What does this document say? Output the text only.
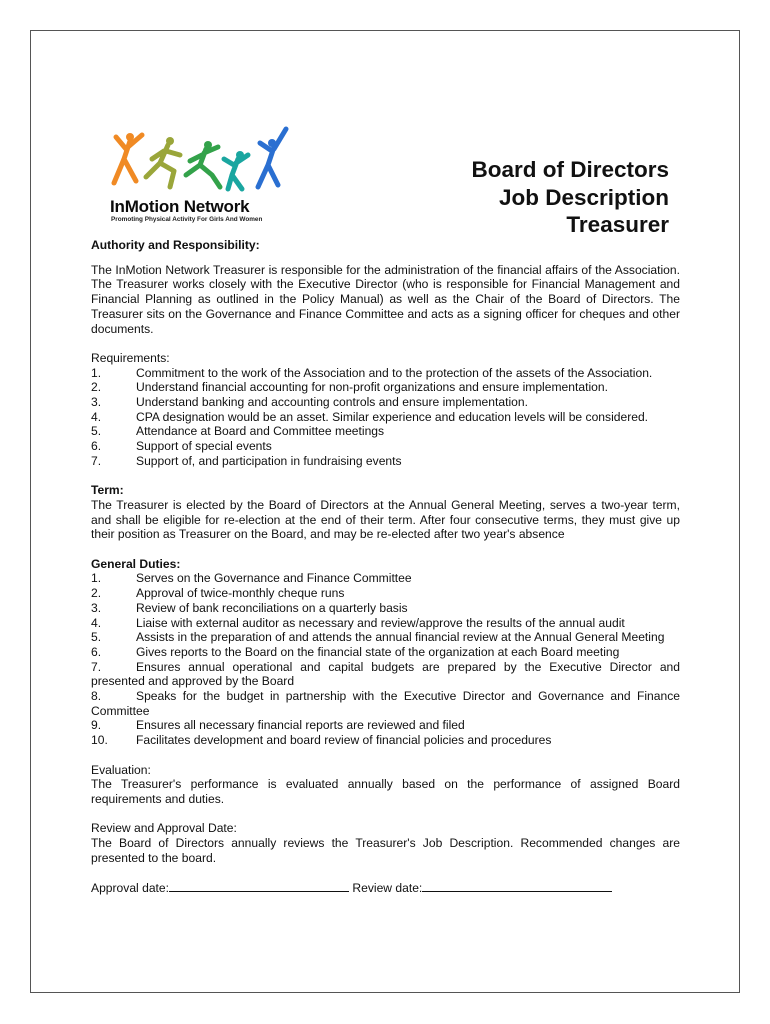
InMotion Network
Promoting Physical Activity For Girls And Women
Board of Directors
Job Description
Treasurer

Authority and Responsibility:

The InMotion Network Treasurer is responsible for the administration of the financial affairs of the Association. The Treasurer works closely with the Executive Director (who is responsible for Financial Management and Financial Planning as outlined in the Policy Manual) as well as the Chair of the Board of Directors. The Treasurer sits on the Governance and Finance Committee and acts as a signing officer for cheques and other documents.

Requirements:

1.	Commitment to the work of the Association and to the protection of the assets of the Association.
2.	Understand financial accounting for non-profit organizations and ensure implementation.
3.	Understand banking and accounting controls and ensure implementation.
4.	CPA designation would be an asset. Similar experience and education levels will be considered.
5.	Attendance at Board and Committee meetings
6.	Support of special events
7.	Support of, and participation in fundraising events

Term:

The Treasurer is elected by the Board of Directors at the Annual General Meeting, serves a two-year term, and shall be eligible for re-election at the end of their term. After four consecutive terms, they must give up their position as Treasurer on the Board, and may be re-elected after two year's absence

General Duties:

1.	Serves on the Governance and Finance Committee
2.	Approval of twice-monthly cheque runs
3.	Review of bank reconciliations on a quarterly basis
4.	Liaise with external auditor as necessary and review/approve the results of the annual audit

5.	Assists in the preparation of and attends the annual financial review at the Annual General Meeting

6.	Gives reports to the Board on the financial state of the organization at each Board meeting

7.	Ensures annual operational and capital budgets are prepared by the Executive Director and presented and approved by the Board

8.	Speaks for the budget in partnership with the Executive Director and Governance and Finance Committee

9.	Ensures all necessary financial reports are reviewed and filed
10.	Facilitates development and board review of financial policies and procedures

Evaluation:

The Treasurer's performance is evaluated annually based on the performance of assigned Board requirements and duties.

Review and Approval Date:

The Board of Directors annually reviews the Treasurer's Job Description. Recommended changes are presented to the board.

Approval date:	Review date:
